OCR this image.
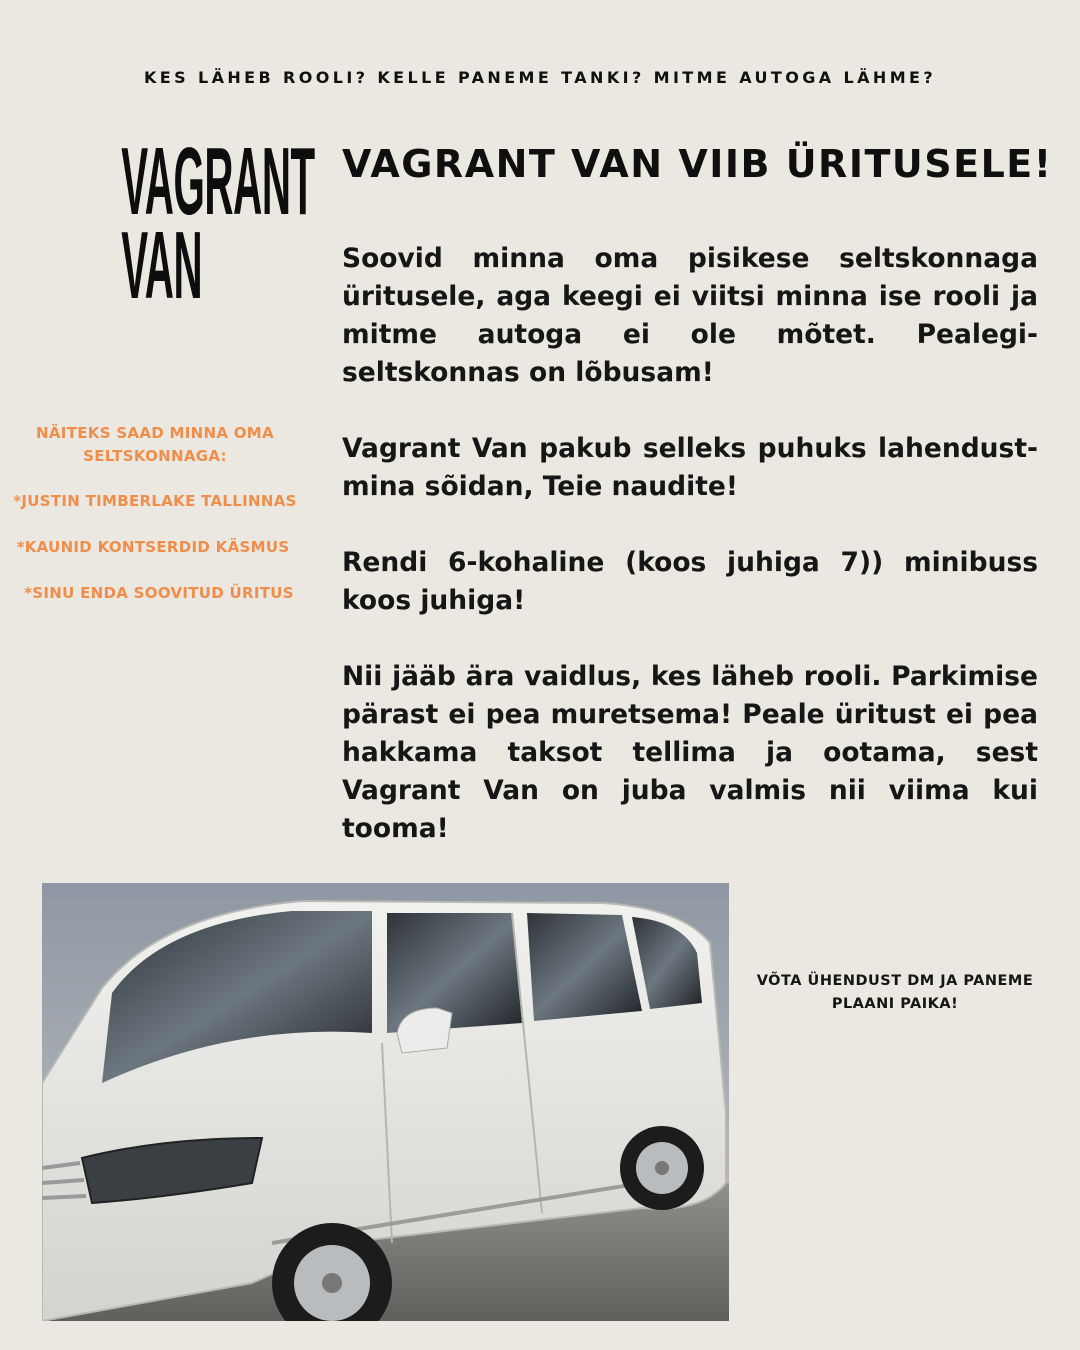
KES LÄHEB ROOLI? KELLE PANEME TANKI? MITME AUTOGA LÄHME?
VAGRANT
VAN
NÄITEKS SAAD MINNA OMA SELTSKONNAGA:
*JUSTIN TIMBERLAKE TALLINNAS
*KAUNID KONTSERDID KÄSMUS
*SINU ENDA SOOVITUD ÜRITUS
VAGRANT VAN VIIB ÜRITUSELE!

Soovid minna oma pisikese seltskonnaga üritusele, aga keegi ei viitsi minna ise rooli ja mitme autoga ei ole mõtet. Pealegi- seltskonnas on lõbusam!

Vagrant Van pakub selleks puhuks lahendust- mina sõidan, Teie naudite!

Rendi 6-kohaline (koos juhiga 7)) minibuss koos juhiga!

Nii jääb ära vaidlus, kes läheb rooli. Parkimise pärast ei pea muretsema! Peale üritust ei pea hakkama taksot tellima ja ootama, sest Vagrant Van on juba valmis nii viima kui tooma!

VÕTA ÜHENDUST DM JA PANEME PLAANI PAIKA!
